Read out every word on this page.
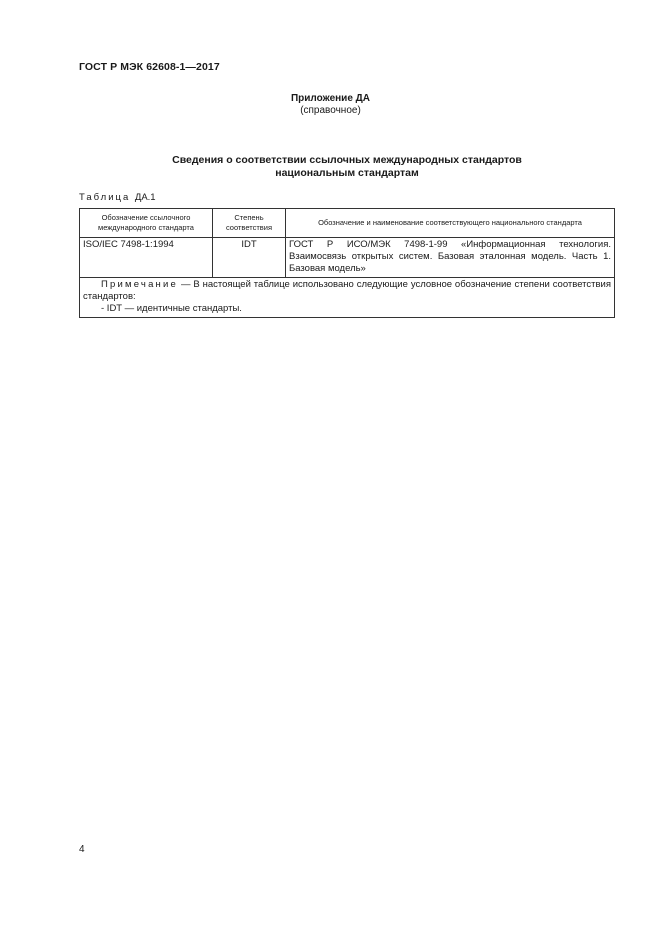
ГОСТ Р МЭК 62608-1—2017
Приложение ДА
(справочное)
Сведения о соответствии ссылочных международных стандартов
национальным стандартам
Таблица ДА.1
Обозначение ссылочного международного стандарта	Степень соответствия	Обозначение и наименование соответствующего национального стандарта
ISO/IEC 7498-1:1994	IDT	ГОСТ Р ИСО/МЭК 7498-1-99 «Информационная технология. Взаимосвязь открытых систем. Базовая эталонная модель. Часть 1. Базовая модель»

Примечание — В настоящей таблице использовано следующие условное обозначение степени соответствия стандартов:
- IDT — идентичные стандарты.		
4
